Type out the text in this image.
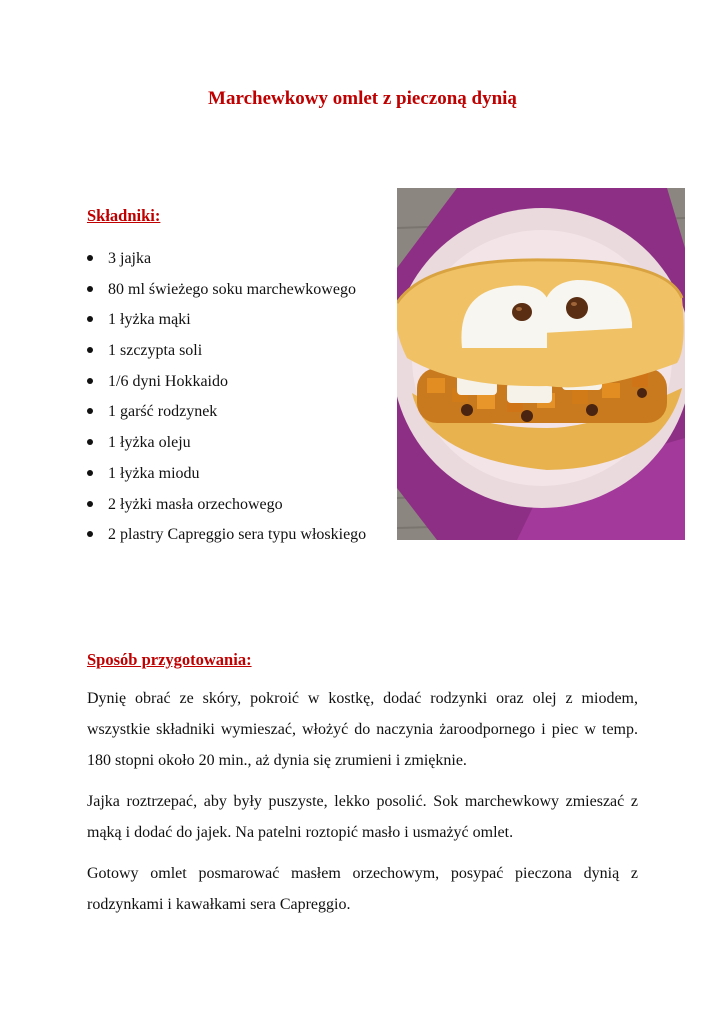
Marchewkowy omlet z pieczoną dynią
Składniki:
3 jajka
80 ml świeżego soku marchewkowego
1 łyżka mąki
1 szczypta soli
1/6 dyni Hokkaido
1 garść rodzynek
1 łyżka oleju
1 łyżka miodu
2 łyżki masła orzechowego
2 plastry Capreggio sera typu włoskiego
Sposób przygotowania:
Dynię obrać ze skóry, pokroić w kostkę, dodać rodzynki oraz olej z miodem, wszystkie składniki wymieszać, włożyć do naczynia żaroodpornego i piec w temp. 180 stopni około 20 min., aż dynia się zrumieni i zmięknie.
Jajka roztrzepać, aby były puszyste, lekko posolić. Sok marchewkowy zmieszać z mąką i dodać do jajek. Na patelni roztopić masło i usmażyć omlet.
Gotowy omlet posmarować masłem orzechowym, posypać pieczona dynią z rodzynkami i kawałkami sera Capreggio.
